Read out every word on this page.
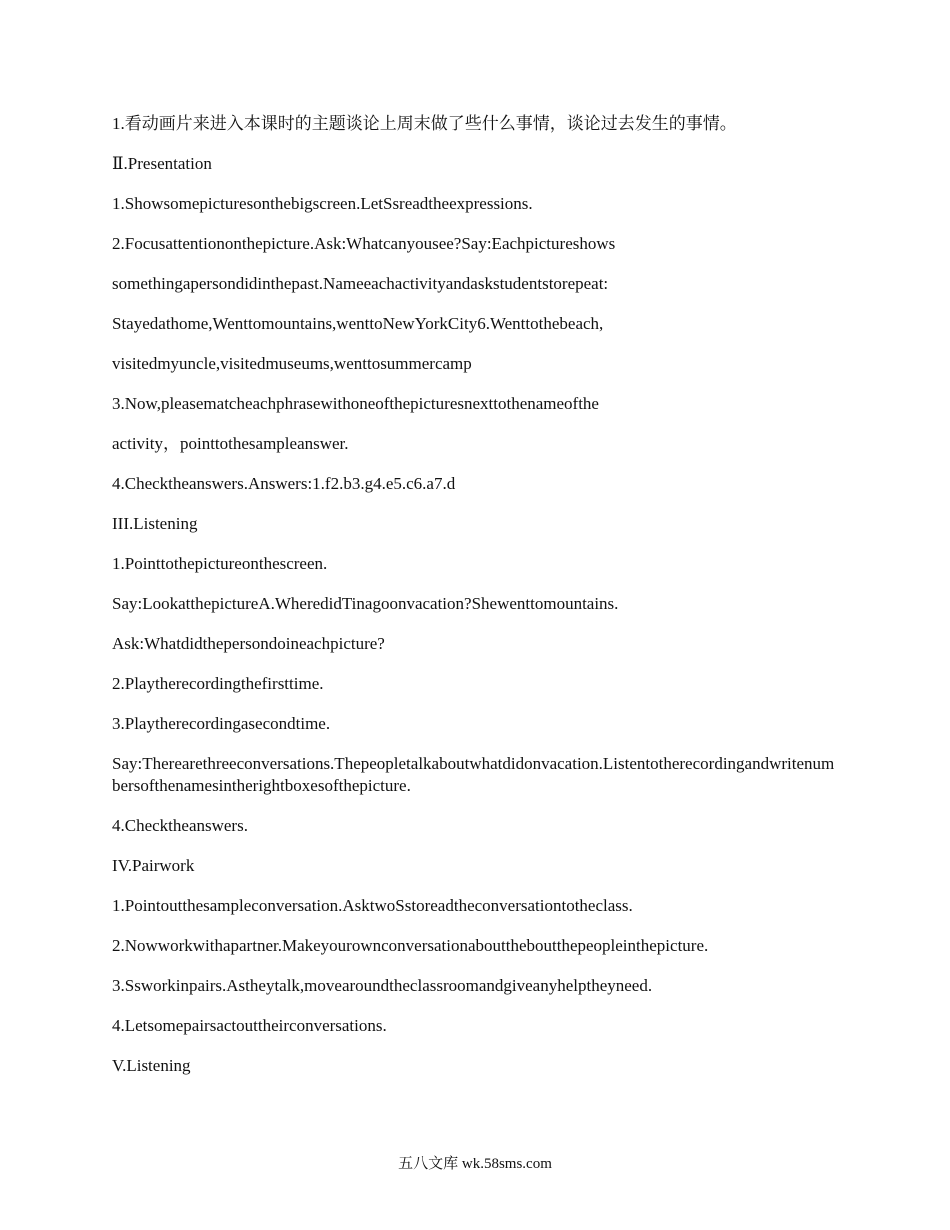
1.看动画片来进入本课时的主题谈论上周末做了些什么事情，谈论过去发生的事情。

Ⅱ.Presentation

1.Showsomepicturesonthebigscreen.LetSsreadtheexpressions.

2.Focusattentiononthepicture.Ask:Whatcanyousee?Say:Eachpictureshows

somethingapersondidinthepast.Nameeachactivityandaskstudentstorepeat:

Stayedathome,Wenttomountains,wenttoNewYorkCity6.Wenttothebeach,

visitedmyuncle,visitedmuseums,wenttosummercamp

3.Now,pleasematcheachphrasewithoneofthepicturesnexttothenameofthe

activity，pointtothesampleanswer.

4.Checktheanswers.Answers:1.f2.b3.g4.e5.c6.a7.d

III.Listening

1.Pointtothepictureonthescreen.

Say:LookatthepictureA.WheredidTinagoonvacation?Shewenttomountains.

Ask:Whatdidthepersondoineachpicture?

2.Playtherecordingthefirsttime.

3.Playtherecordingasecondtime.

Say:Therearethreeconversations.Thepeopletalkaboutwhatdidonvacation.Listentotherecordingandwritenumbersofthenamesintherightboxesofthepicture.

4.Checktheanswers.

IV.Pairwork

1.Pointoutthesampleconversation.AsktwoSstoreadtheconversationtotheclass.

2.Nowworkwithapartner.Makeyourownconversationabouttheboutthepeopleinthepicture.

3.Ssworkinpairs.Astheytalk,movearoundtheclassroomandgiveanyhelptheyneed.

4.Letsomepairsactouttheirconversations.

V.Listening

五八文库 wk.58sms.com
